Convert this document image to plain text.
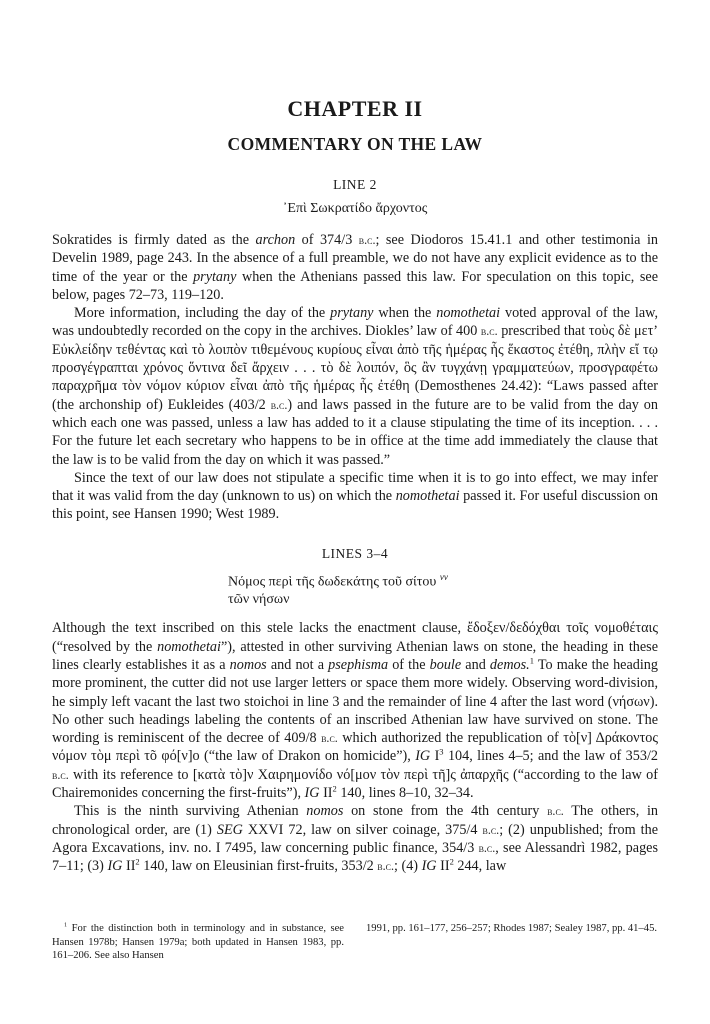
CHAPTER II
COMMENTARY ON THE LAW
LINE 2
᾿Επὶ Σωκρατίδο ἄρχοντος

Sokratides is firmly dated as the archon of 374/3 b.c.; see Diodoros 15.41.1 and other testimonia in Develin 1989, page 243. In the absence of a full preamble, we do not have any explicit evidence as to the time of the year or the prytany when the Athenians passed this law. For speculation on this topic, see below, pages 72–73, 119–120.

More information, including the day of the prytany when the nomothetai voted approval of the law, was undoubtedly recorded on the copy in the archives. Diokles’ law of 400 b.c. prescribed that τοὺς δὲ μετ’ Εὐκλείδην τεθέντας καὶ τὸ λοιπὸν τιθεμένους κυρίους εἶναι ἀπὸ τῆς ἡμέρας ἧς ἕκαστος ἐτέθη, πλὴν εἴ τῳ προσγέγραπται χρόνος ὅντινα δεῖ ἄρχειν . . . τὸ δὲ λοιπόν, ὃς ἂν τυγχάνῃ γραμματεύων, προσγραφέτω παραχρῆμα τὸν νόμον κύριον εἶναι ἀπὸ τῆς ἡμέρας ἧς ἐτέθη (Demosthenes 24.42): “Laws passed after (the archonship of) Eukleides (403/2 b.c.) and laws passed in the future are to be valid from the day on which each one was passed, unless a law has added to it a clause stipulating the time of its inception. . . . For the future let each secretary who happens to be in office at the time add immediately the clause that the law is to be valid from the day on which it was passed.”

Since the text of our law does not stipulate a specific time when it is to go into effect, we may infer that it was valid from the day (unknown to us) on which the nomothetai passed it. For useful discussion on this point, see Hansen 1990; West 1989.

LINES 3–4
Νόμος περὶ τῆς δωδεκάτης τοῦ σίτου $^{vv}$
τῶν νήσων

Although the text inscribed on this stele lacks the enactment clause, ἔδοξεν/δεδόχθαι τοῖς νομοθέταις (“resolved by the nomothetai”), attested in other surviving Athenian laws on stone, the heading in these lines clearly establishes it as a nomos and not a psephisma of the boule and demos.$^1$ To make the heading more prominent, the cutter did not use larger letters or space them more widely. Observing word-division, he simply left vacant the last two stoichoi in line 3 and the remainder of line 4 after the last word (νήσων). No other such headings labeling the contents of an inscribed Athenian law have survived on stone. The wording is reminiscent of the decree of 409/8 b.c. which authorized the republication of τὸ[ν] Δράκοντος νόμον τὸμ περὶ τõ φό[ν]ο (“the law of Drakon on homicide”), IG $I^3$ 104, lines 4–5; and the law of 353/2 b.c. with its reference to [κατὰ τὸ]ν Χαιρημονίδο νό[μον τὸν περὶ τῆ]ς ἀπαρχῆς (“according to the law of Chairemonides concerning the first-fruits”), IG $II^2$ 140, lines 8–10, 32–34.

This is the ninth surviving Athenian nomos on stone from the 4th century b.c. The others, in chronological order, are (1) SEG XXVI 72, law on silver coinage, 375/4 b.c.; (2) unpublished; from the Agora Excavations, inv. no. I 7495, law concerning public finance, 354/3 b.c., see Alessandrì 1982, pages 7–11; (3) IG $II^2$ 140, law on Eleusinian first-fruits, 353/2 b.c.; (4) IG $II^2$ 244, law

$^1$ For the distinction both in terminology and in substance, see Hansen 1978b; Hansen 1979a; both updated in Hansen 1983, pp. 161–206. See also Hansen
1991, pp. 161–177, 256–257; Rhodes 1987; Sealey 1987, pp. 41–45.
